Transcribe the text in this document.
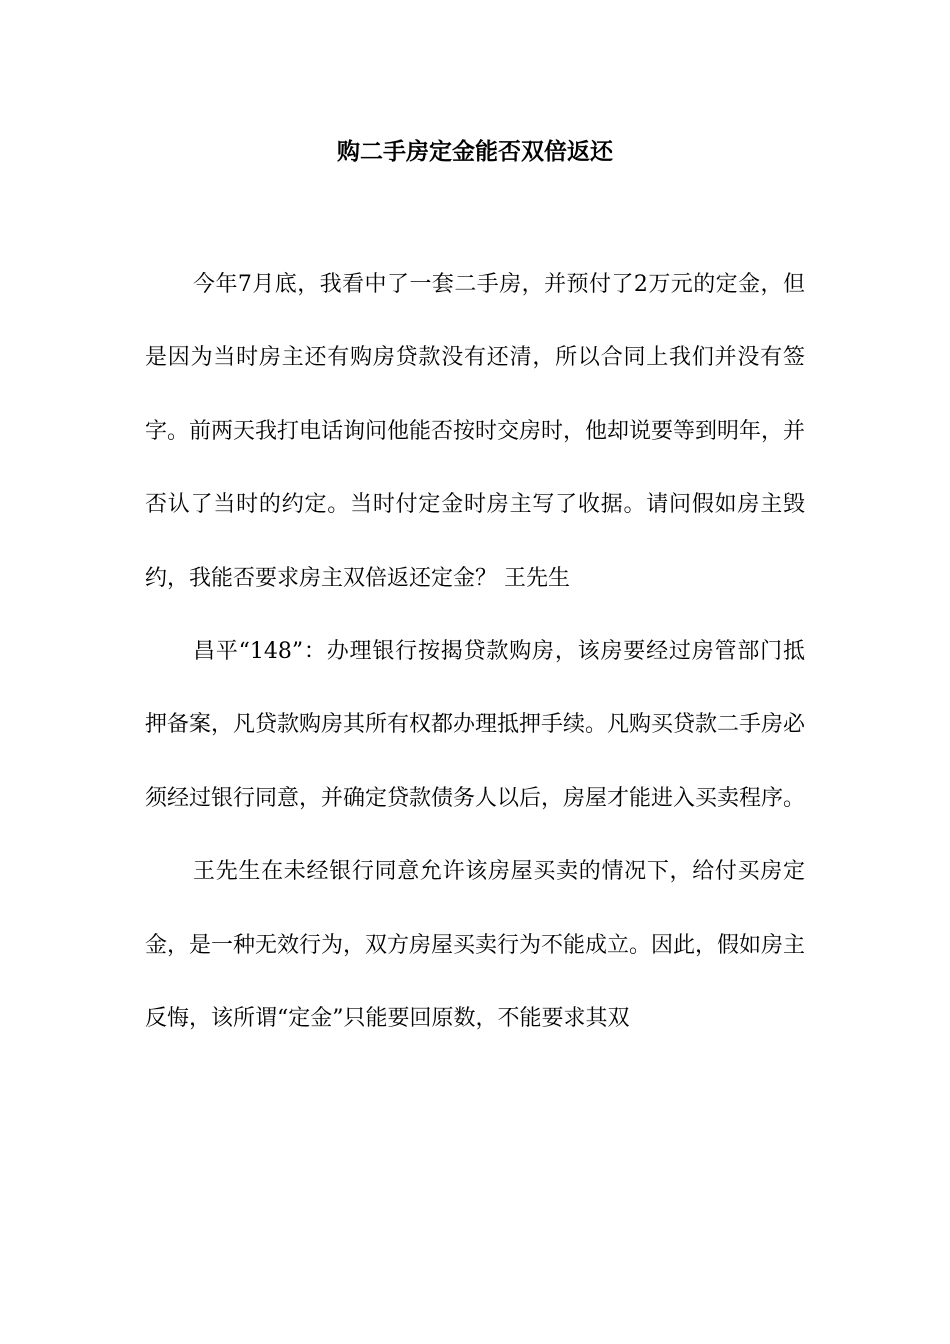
购二手房定金能否双倍返还

今年7月底，我看中了一套二手房，并预付了2万元的定金，但是因为当时房主还有购房贷款没有还清，所以合同上我们并没有签字。前两天我打电话询问他能否按时交房时，他却说要等到明年，并否认了当时的约定。当时付定金时房主写了收据。请问假如房主毁约，我能否要求房主双倍返还定金？ 王先生

昌平“148”：办理银行按揭贷款购房，该房要经过房管部门抵押备案，凡贷款购房其所有权都办理抵押手续。凡购买贷款二手房必须经过银行同意，并确定贷款债务人以后，房屋才能进入买卖程序。

王先生在未经银行同意允许该房屋买卖的情况下，给付买房定金，是一种无效行为，双方房屋买卖行为不能成立。因此，假如房主反悔，该所谓“定金”只能要回原数，不能要求其双
